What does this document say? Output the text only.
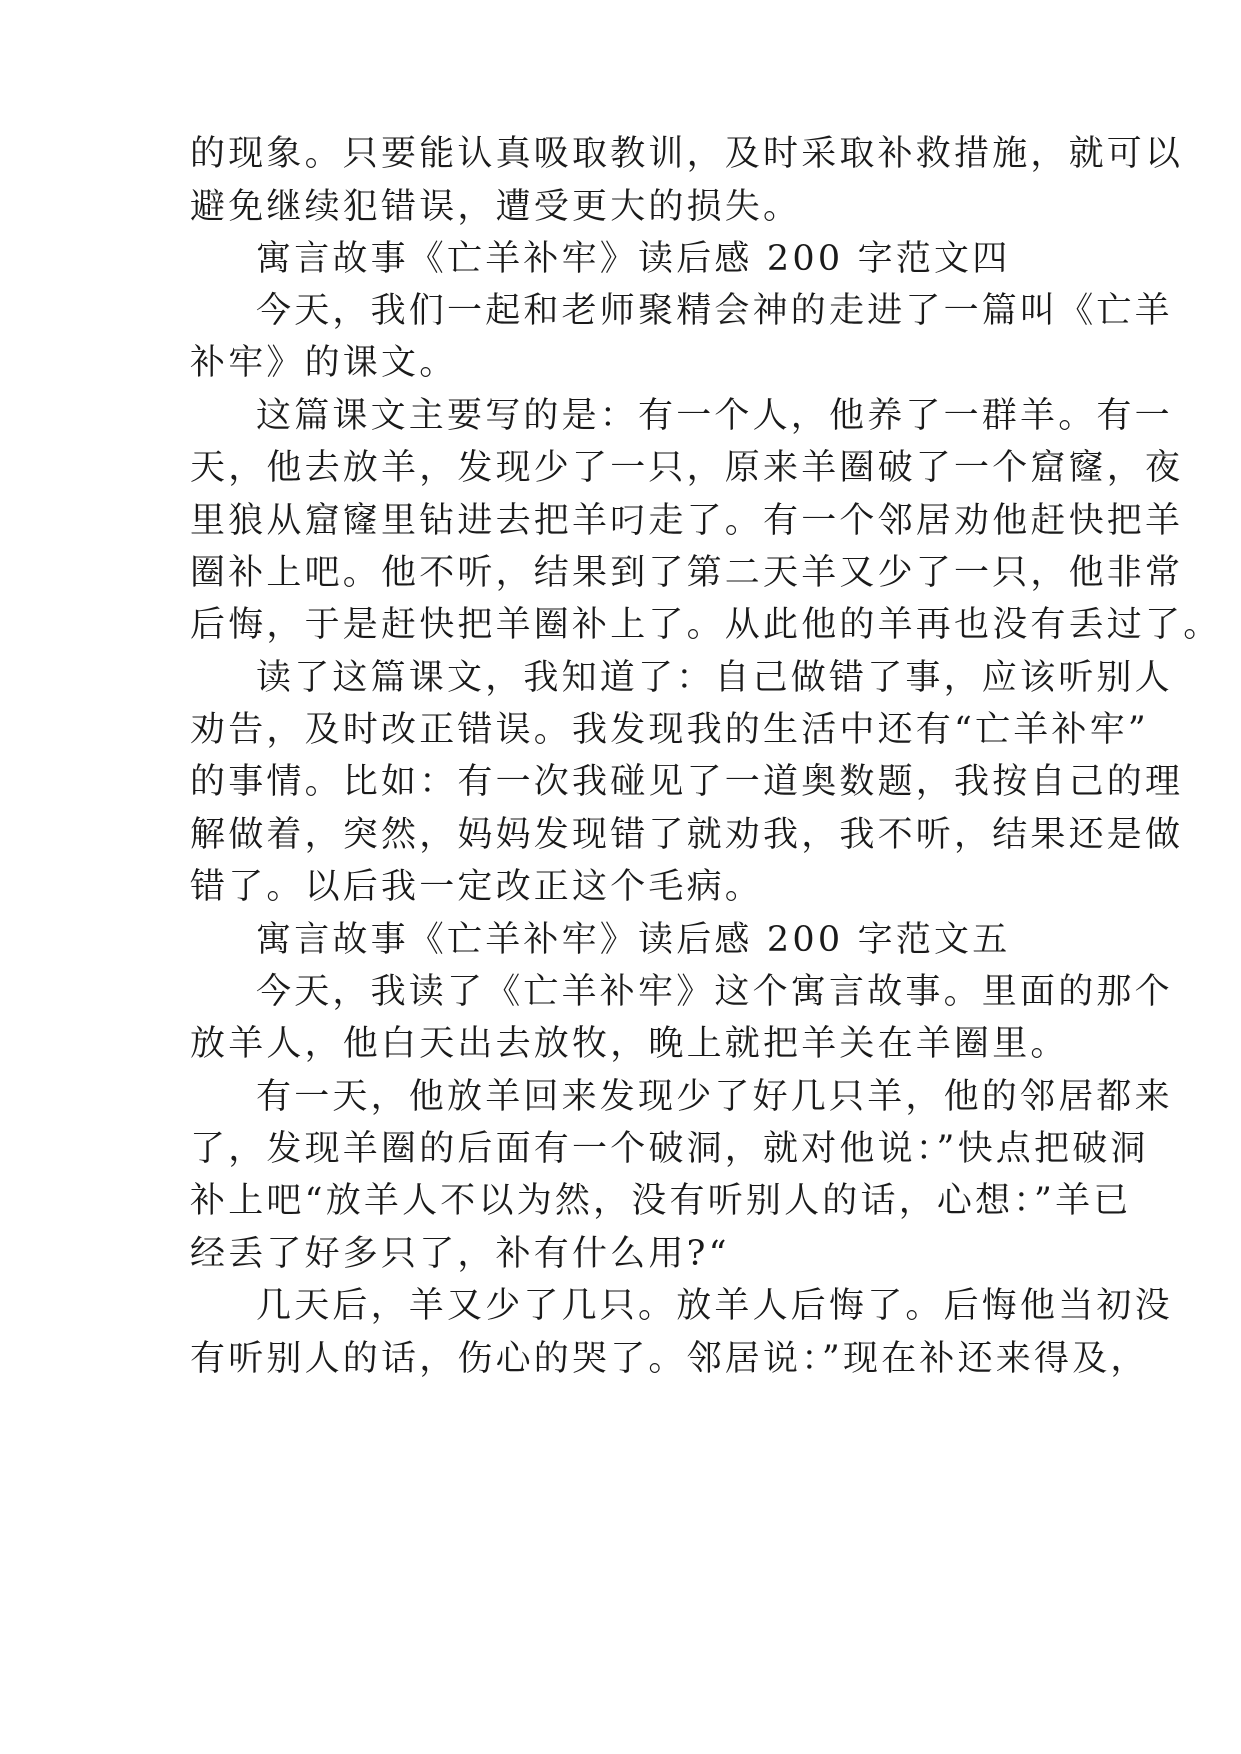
的现象。只要能认真吸取教训，及时采取补救措施，就可以
避免继续犯错误，遭受更大的损失。
寓言故事《亡羊补牢》读后感 200 字范文四
今天，我们一起和老师聚精会神的走进了一篇叫《亡羊
补牢》的课文。
这篇课文主要写的是：有一个人，他养了一群羊。有一
天，他去放羊，发现少了一只，原来羊圈破了一个窟窿，夜
里狼从窟窿里钻进去把羊叼走了。有一个邻居劝他赶快把羊
圈补上吧。他不听，结果到了第二天羊又少了一只，他非常
后悔，于是赶快把羊圈补上了。从此他的羊再也没有丢过了。
读了这篇课文，我知道了：自己做错了事，应该听别人
劝告，及时改正错误。我发现我的生活中还有“亡羊补牢”
的事情。比如：有一次我碰见了一道奥数题，我按自己的理
解做着，突然，妈妈发现错了就劝我，我不听，结果还是做
错了。以后我一定改正这个毛病。
寓言故事《亡羊补牢》读后感 200 字范文五
今天，我读了《亡羊补牢》这个寓言故事。里面的那个
放羊人，他白天出去放牧，晚上就把羊关在羊圈里。
有一天，他放羊回来发现少了好几只羊，他的邻居都来
了，发现羊圈的后面有一个破洞，就对他说：”快点把破洞
补上吧“放羊人不以为然，没有听别人的话，心想：”羊已
经丢了好多只了，补有什么用?“
几天后，羊又少了几只。放羊人后悔了。后悔他当初没
有听别人的话，伤心的哭了。邻居说：”现在补还来得及，
